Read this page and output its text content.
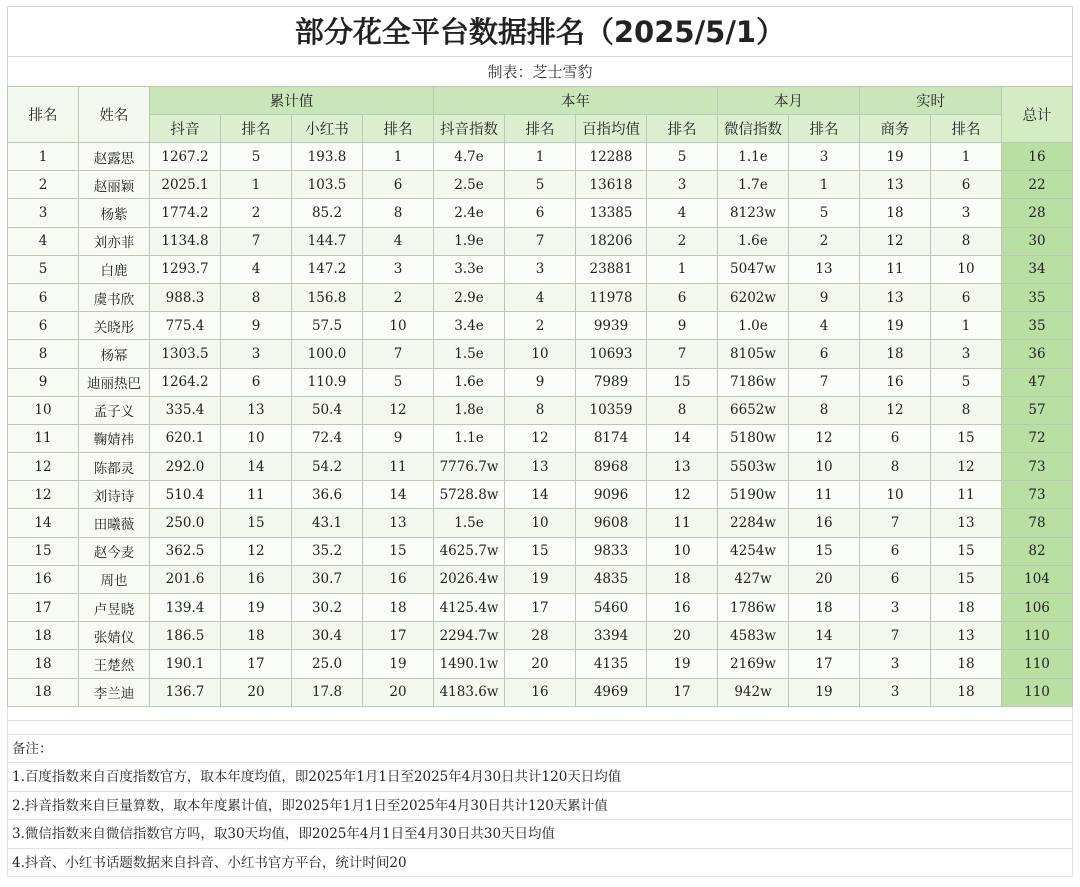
部分花全平台数据排名（2025/5/1）
制表：芝士雪豹
排名	姓名	累计值				本年				本月		实时		总计
		抖音	排名	小红书	排名	抖音指数	排名	百指均值	排名	微信指数	排名	商务	排名	
1	赵露思	1267.2	5	193.8	1	4.7e	1	12288	5	1.1e	3	19	1	16
2	赵丽颖	2025.1	1	103.5	6	2.5e	5	13618	3	1.7e	1	13	6	22
3	杨紫	1774.2	2	85.2	8	2.4e	6	13385	4	8123w	5	18	3	28
4	刘亦菲	1134.8	7	144.7	4	1.9e	7	18206	2	1.6e	2	12	8	30
5	白鹿	1293.7	4	147.2	3	3.3e	3	23881	1	5047w	13	11	10	34
6	虞书欣	988.3	8	156.8	2	2.9e	4	11978	6	6202w	9	13	6	35
6	关晓彤	775.4	9	57.5	10	3.4e	2	9939	9	1.0e	4	19	1	35
8	杨幂	1303.5	3	100.0	7	1.5e	10	10693	7	8105w	6	18	3	36
9	迪丽热巴	1264.2	6	110.9	5	1.6e	9	7989	15	7186w	7	16	5	47
10	孟子义	335.4	13	50.4	12	1.8e	8	10359	8	6652w	8	12	8	57
11	鞠婧祎	620.1	10	72.4	9	1.1e	12	8174	14	5180w	12	6	15	72
12	陈都灵	292.0	14	54.2	11	7776.7w	13	8968	13	5503w	10	8	12	73
12	刘诗诗	510.4	11	36.6	14	5728.8w	14	9096	12	5190w	11	10	11	73
14	田曦薇	250.0	15	43.1	13	1.5e	10	9608	11	2284w	16	7	13	78
15	赵今麦	362.5	12	35.2	15	4625.7w	15	9833	10	4254w	15	6	15	82
16	周也	201.6	16	30.7	16	2026.4w	19	4835	18	427w	20	6	15	104
17	卢昱晓	139.4	19	30.2	18	4125.4w	17	5460	16	1786w	18	3	18	106
18	张婧仪	186.5	18	30.4	17	2294.7w	28	3394	20	4583w	14	7	13	110
18	王楚然	190.1	17	25.0	19	1490.1w	20	4135	19	2169w	17	3	18	110
18	李兰迪	136.7	20	17.8	20	4183.6w	16	4969	17	942w	19	3	18	110
备注：
1.百度指数来自百度指数官方，取本年度均值，即2025年1月1日至2025年4月30日共计120天日均值
2.抖音指数来自巨量算数，取本年度累计值，即2025年1月1日至2025年4月30日共计120天累计值
3.微信指数来自微信指数官方吗，取30天均值，即2025年4月1日至4月30日共30天日均值
4.抖音、小红书话题数据来自抖音、小红书官方平台，统计时间20
